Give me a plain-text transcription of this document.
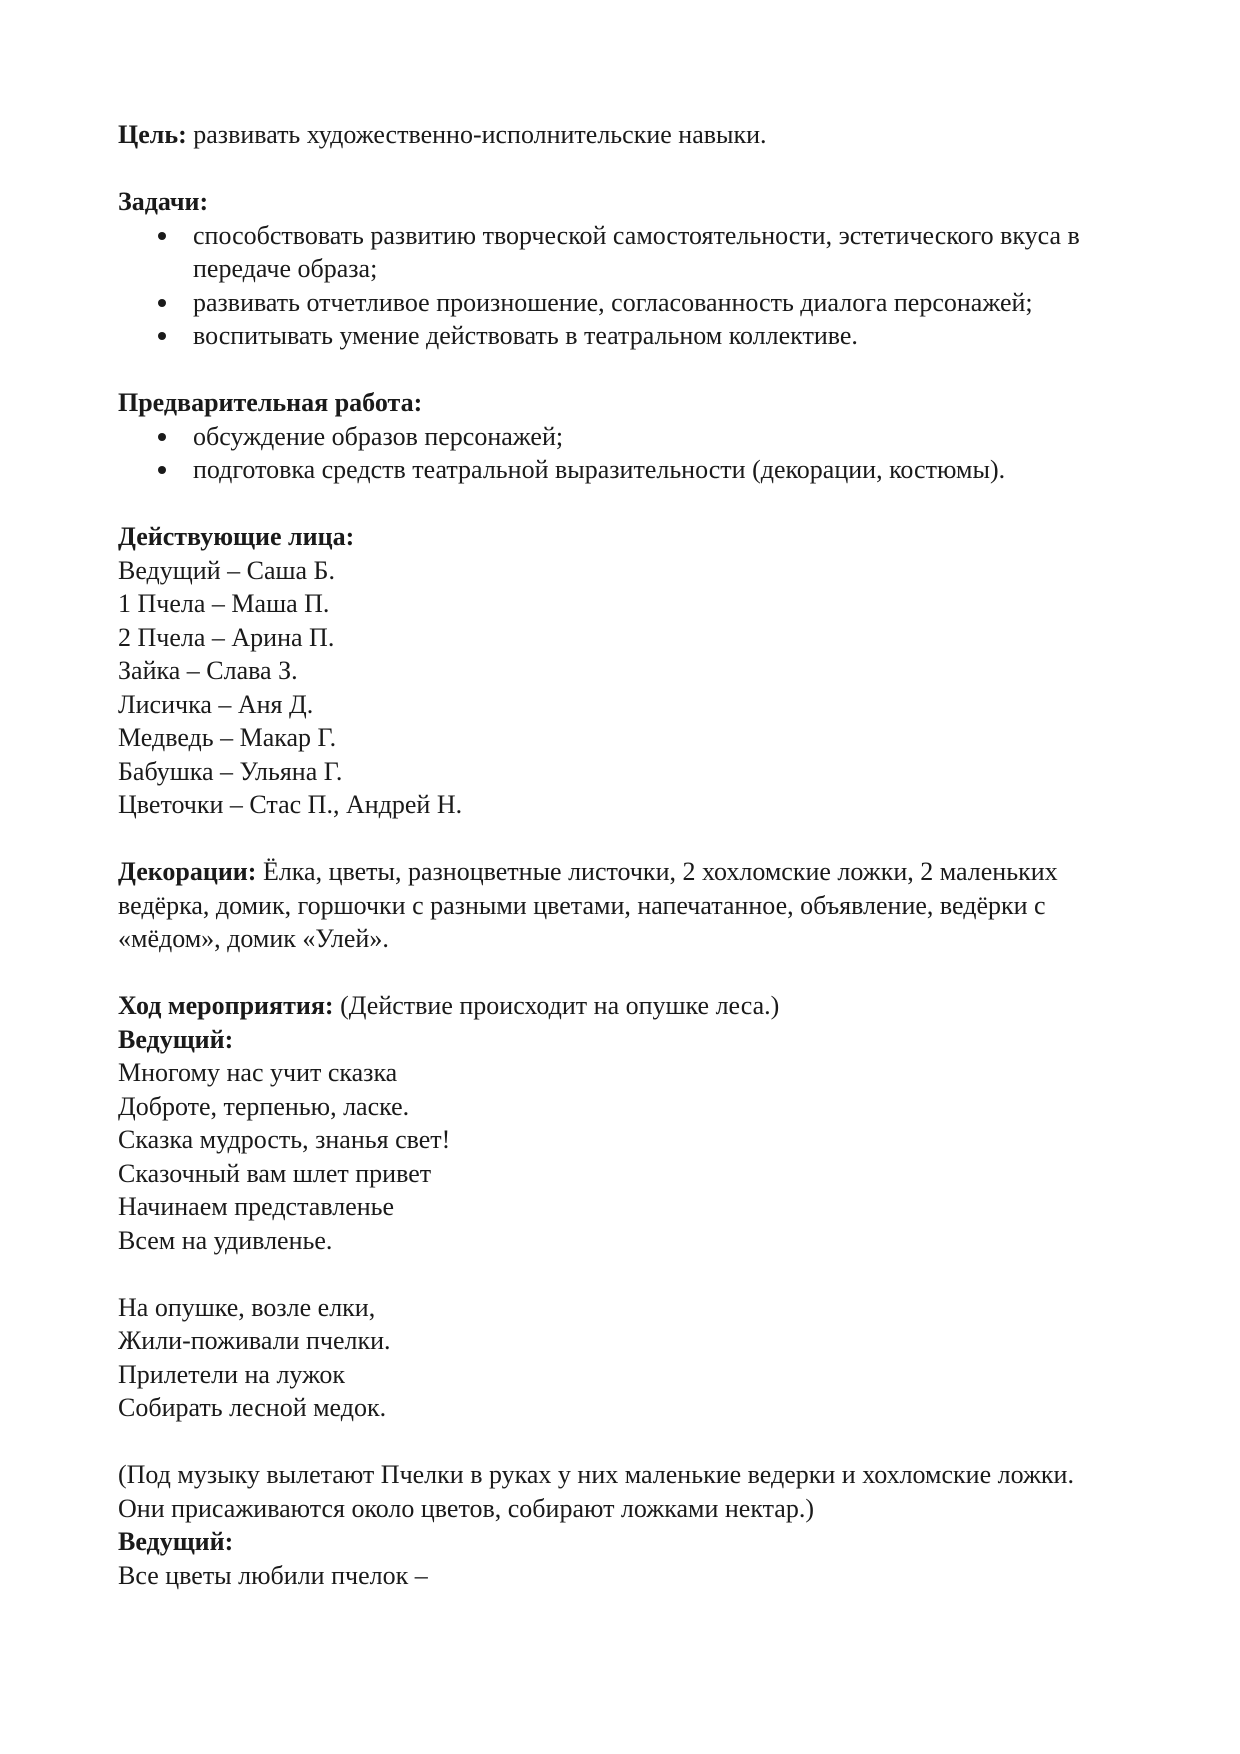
Цель: развивать художественно-исполнительские навыки.

Задачи:

способствовать развитию творческой самостоятельности, эстетического вкуса в передаче образа;
развивать отчетливое произношение, согласованность диалога персонажей;
воспитывать умение действовать в театральном коллективе.

Предварительная работа:

обсуждение образов персонажей;
подготовка средств театральной выразительности (декорации, костюмы).

Действующие лица:

Ведущий – Саша Б.
1 Пчела – Маша П.
2 Пчела – Арина П.
Зайка – Слава З.
Лисичка – Аня Д.
Медведь – Макар Г.
Бабушка – Ульяна Г.
Цветочки – Стас П., Андрей Н.

Декорации: Ёлка, цветы, разноцветные листочки, 2 хохломские ложки, 2 маленьких ведёрка, домик, горшочки с разными цветами, напечатанное, объявление, ведёрки с «мёдом», домик «Улей».

Ход мероприятия: (Действие происходит на опушке леса.)

Ведущий:

Многому нас учит сказка
Доброте, терпенью, ласке.
Сказка мудрость, знанья свет!
Сказочный вам шлет привет
Начинаем представленье
Всем на удивленье.
На опушке, возле елки,
Жили-поживали пчелки.
Прилетели на лужок
Собирать лесной медок.

(Под музыку вылетают Пчелки в руках у них маленькие ведерки и хохломские ложки. Они присаживаются около цветов, собирают ложками нектар.)

Ведущий:

Все цветы любили пчелок –
